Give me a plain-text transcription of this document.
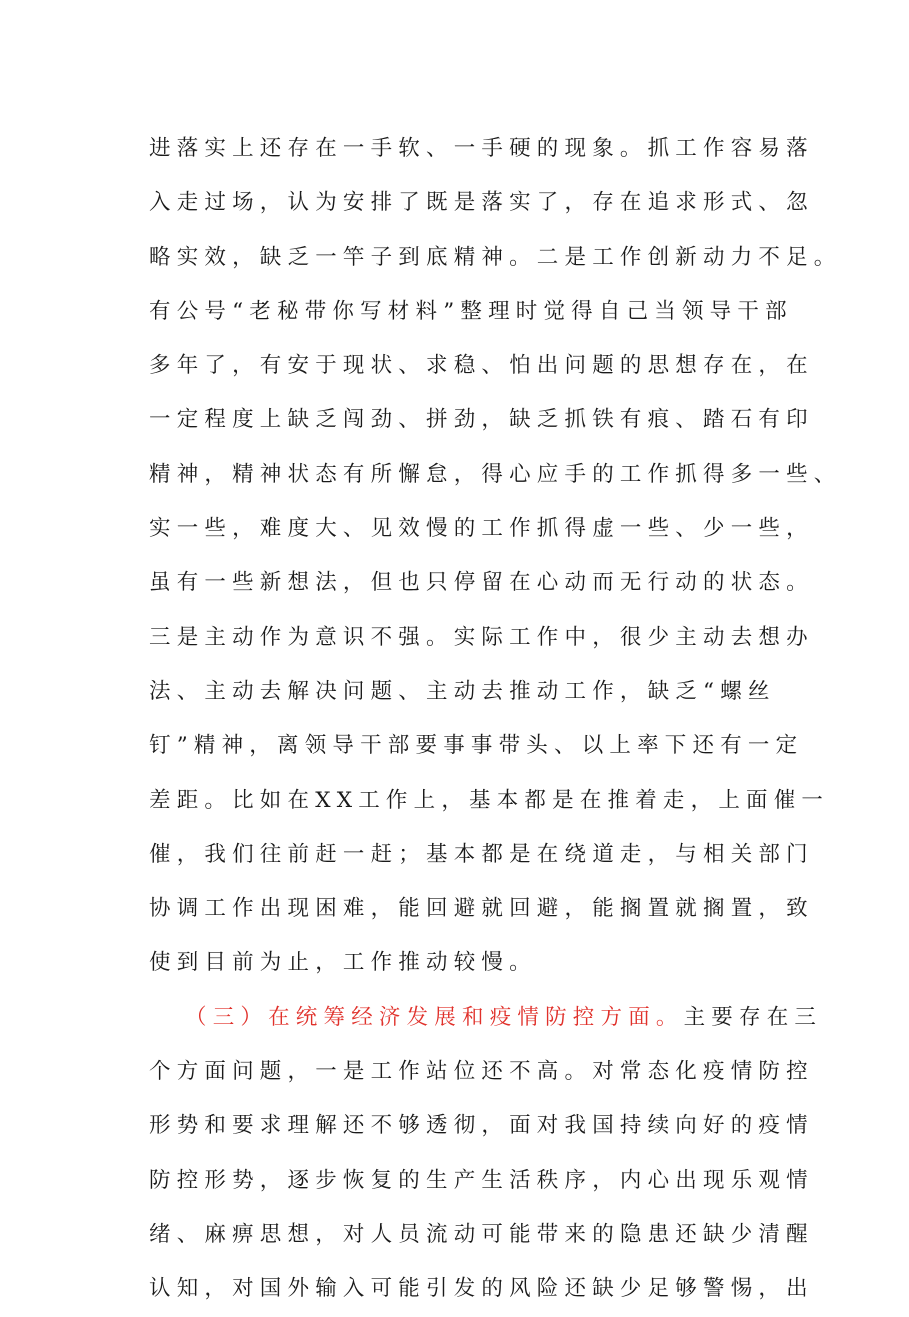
进落实上还存在一手软、一手硬的现象。抓工作容易落
入走过场，认为安排了既是落实了，存在追求形式、忽
略实效，缺乏一竿子到底精神。二是工作创新动力不足。
有公号“老秘带你写材料”整理时觉得自己当领导干部
多年了，有安于现状、求稳、怕出问题的思想存在，在
一定程度上缺乏闯劲、拼劲，缺乏抓铁有痕、踏石有印
精神，精神状态有所懈怠，得心应手的工作抓得多一些、
实一些，难度大、见效慢的工作抓得虚一些、少一些，
虽有一些新想法，但也只停留在心动而无行动的状态。
三是主动作为意识不强。实际工作中，很少主动去想办
法、主动去解决问题、主动去推动工作，缺乏“螺丝
钉”精神，离领导干部要事事带头、以上率下还有一定
差距。比如在XX工作上，基本都是在推着走，上面催一
催，我们往前赶一赶；基本都是在绕道走，与相关部门
协调工作出现困难，能回避就回避，能搁置就搁置，致
使到目前为止，工作推动较慢。
（三）在统筹经济发展和疫情防控方面。主要存在三
个方面问题，一是工作站位还不高。对常态化疫情防控
形势和要求理解还不够透彻，面对我国持续向好的疫情
防控形势，逐步恢复的生产生活秩序，内心出现乐观情
绪、麻痹思想，对人员流动可能带来的隐患还缺少清醒
认知，对国外输入可能引发的风险还缺少足够警惕，出
